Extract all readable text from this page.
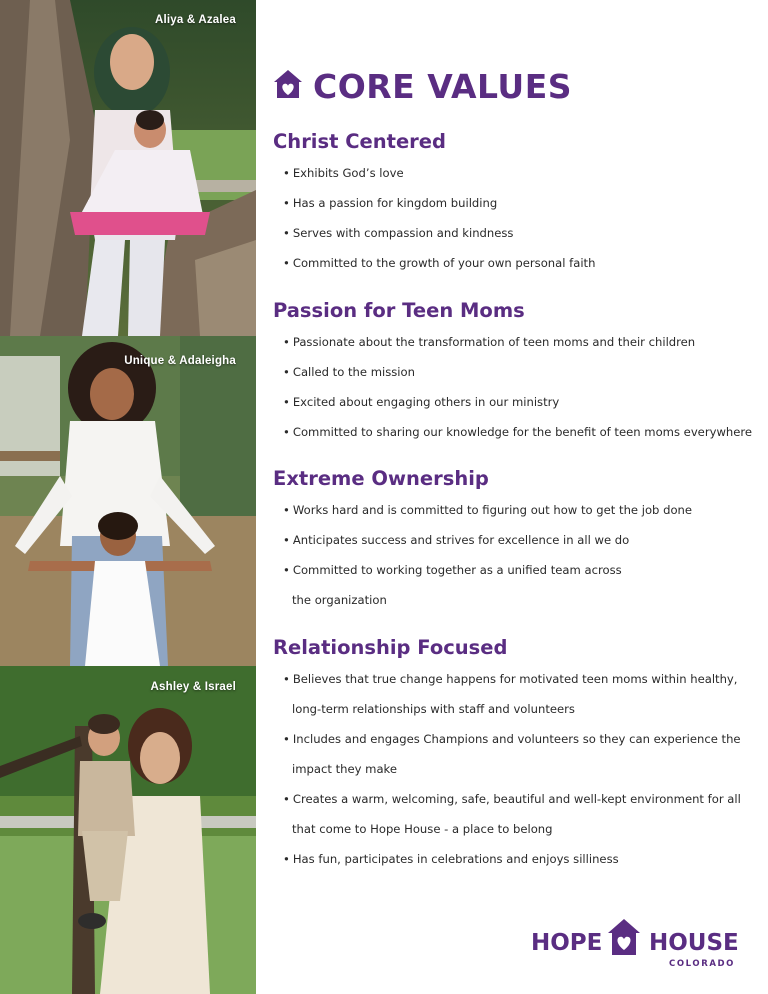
Aliya & Azalea
Unique & Adaleigha
Ashley & Israel
CORE VALUES
Christ Centered
• Exhibits God’s love
• Has a passion for kingdom building
• Serves with compassion and kindness
• Committed to the growth of your own personal faith
Passion for Teen Moms
• Passionate about the transformation of teen moms and their children
• Called to the mission
• Excited about engaging others in our ministry
• Committed to sharing our knowledge for the benefit of teen moms everywhere
Extreme Ownership
• Works hard and is committed to figuring out how to get the job done
• Anticipates success and strives for excellence in all we do
• Committed to working together as a unified team across
the organization
Relationship Focused
• Believes that true change happens for motivated teen moms within healthy,
long-term relationships with staff and volunteers
• Includes and engages Champions and volunteers so they can experience the
impact they make
• Creates a warm, welcoming, safe, beautiful and well-kept environment for all
that come to Hope House - a place to belong
• Has fun, participates in celebrations and enjoys silliness
HOPE HOUSE
COLORADO
